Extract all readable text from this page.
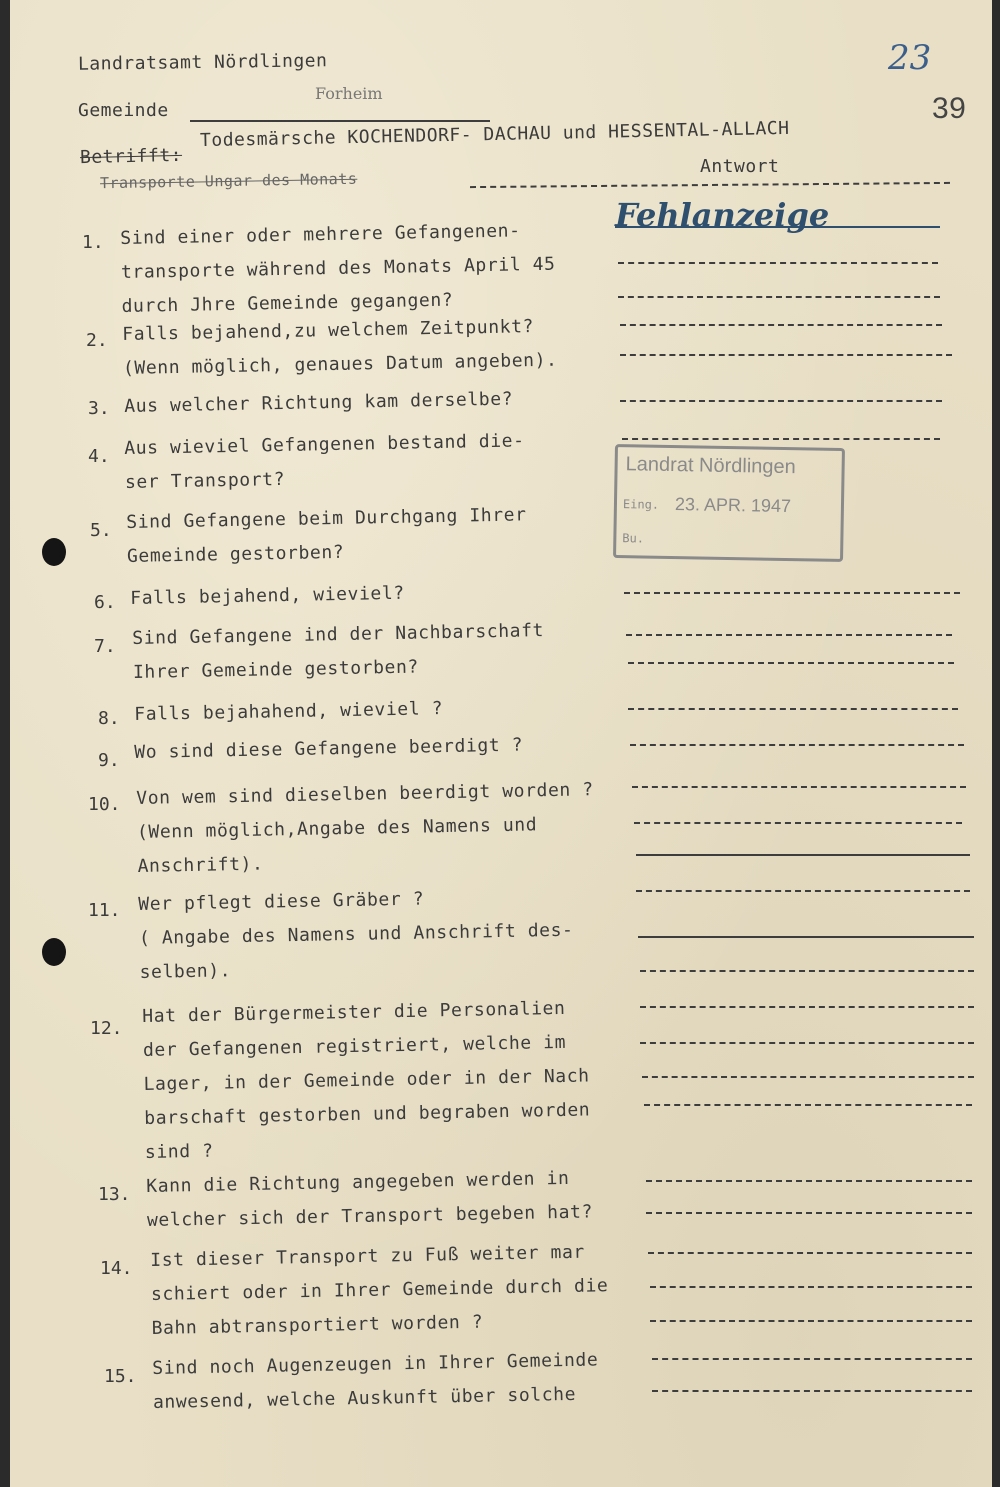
Landratsamt Nördlingen	23
39
Gemeinde
Forheim
Betrifft:
Todesmärsche KOCHENDORF- DACHAU und HESSENTAL-ALLACH
Transporte Ungar des Monats
Antwort
Fehlanzeige
1. Sind einer oder mehrere Gefangenen-
transporte während des Monats April 45
durch Jhre Gemeinde gegangen?
2. Falls bejahend,zu welchem Zeitpunkt?
(Wenn möglich, genaues Datum angeben).
3. Aus welcher Richtung kam derselbe?
4. Aus wieviel Gefangenen bestand die-
ser Transport?
5. Sind Gefangene beim Durchgang Ihrer
Gemeinde gestorben?
6. Falls bejahend, wieviel?
7. Sind Gefangene ind der Nachbarschaft
Ihrer Gemeinde gestorben?
8. Falls bejahahend, wieviel ?
9. Wo sind diese Gefangene beerdigt ?
10. Von wem sind dieselben beerdigt worden ?
(Wenn möglich,Angabe des Namens und
Anschrift).
11. Wer pflegt diese Gräber ?
( Angabe des Namens und Anschrift des-
selben).
12.
Hat der Bürgermeister die Personalien
der Gefangenen registriert, welche im
Lager, in der Gemeinde oder in der Nach
barschaft gestorben und begraben worden
sind ?
13. Kann die Richtung angegeben werden in
welcher sich der Transport begeben hat?
14. Ist dieser Transport zu Fuß weiter mar
schiert oder in Ihrer Gemeinde durch die
Bahn abtransportiert worden ?
15. Sind noch Augenzeugen in Ihrer Gemeinde
anwesend, welche Auskunft über solche
Landrat Nördlingen
Eing. 23. APR. 1947
Bu.
